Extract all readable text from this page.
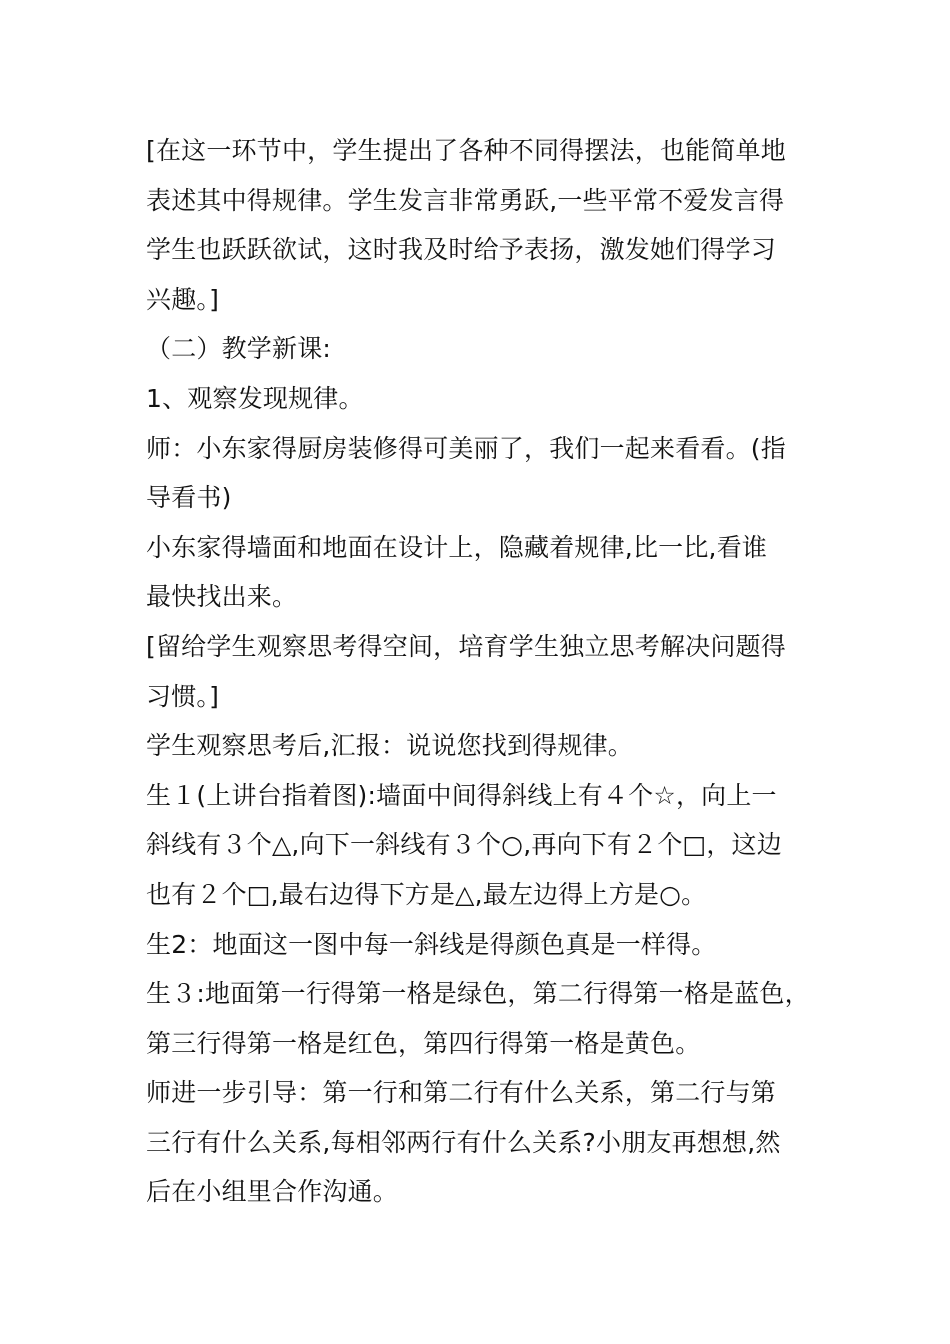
[在这一环节中，学生提出了各种不同得摆法，也能简单地
表述其中得规律。学生发言非常勇跃,一些平常不爱发言得
学生也跃跃欲试，这时我及时给予表扬，激发她们得学习
兴趣。]
（二）教学新课:
1、观察发现规律。
师：小东家得厨房装修得可美丽了，我们一起来看看。(指
导看书)
小东家得墙面和地面在设计上，隐藏着规律,比一比,看谁
最快找出来。
[留给学生观察思考得空间，培育学生独立思考解决问题得
习惯。]
学生观察思考后,汇报：说说您找到得规律。
生１(上讲台指着图):墙面中间得斜线上有４个☆，向上一
斜线有３个△,向下一斜线有３个○,再向下有２个□，这边
也有２个□,最右边得下方是△,最左边得上方是○。
生2：地面这一图中每一斜线是得颜色真是一样得。
生３:地面第一行得第一格是绿色，第二行得第一格是蓝色，
第三行得第一格是红色，第四行得第一格是黄色。
师进一步引导：第一行和第二行有什么关系，第二行与第
三行有什么关系,每相邻两行有什么关系?小朋友再想想,然
后在小组里合作沟通。
